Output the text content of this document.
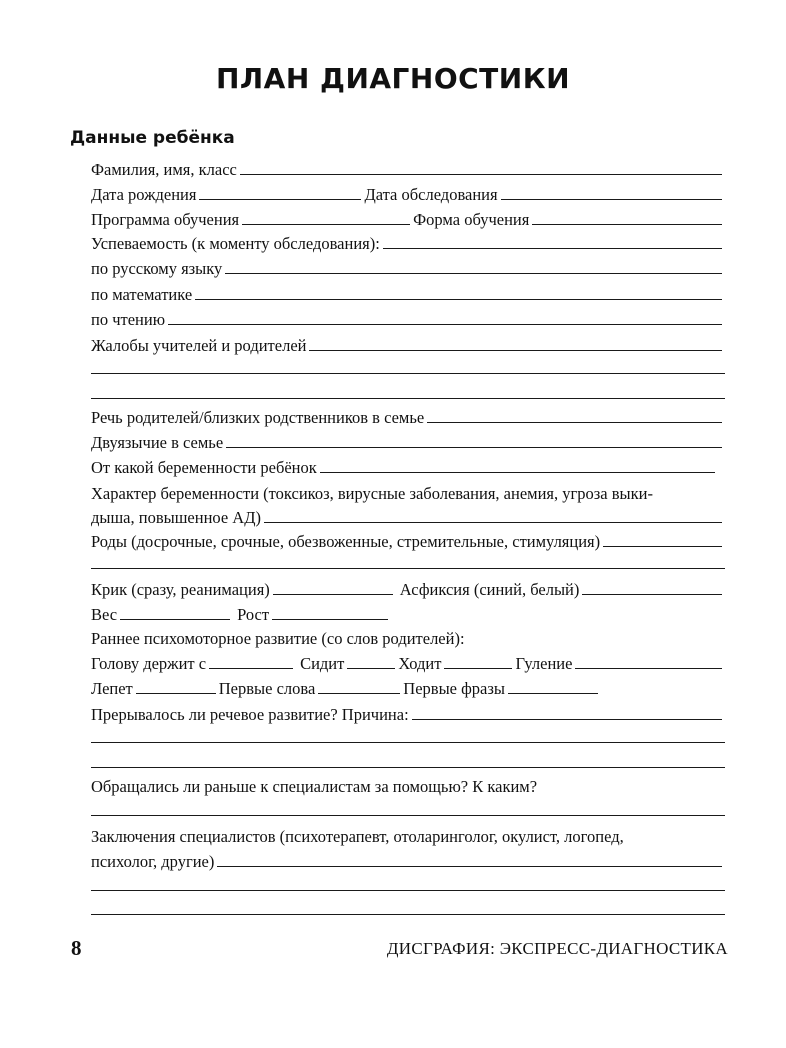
ПЛАН ДИАГНОСТИКИ
Данные ребёнка
Фамилия, имя, класс
Дата рождения	Дата обследования
Программа обучения	Форма обучения
Успеваемость (к моменту обследования):
по русскому языку
по математике
по чтению
Жалобы учителей и родителей
Речь родителей/близких родственников в семье
Двуязычие в семье
От какой беременности ребёнок
Характер беременности (токсикоз, вирусные заболевания, анемия, угроза выки-
дыша, повышенное АД)
Роды (досрочные, срочные, обезвоженные, стремительные, стимуляция)
Крик (сразу, реанимация)	Асфиксия (синий, белый)
Вес	Рост
Раннее психомоторное развитие (со слов родителей):
Голову держит с	Сидит	Ходит	Гуление
Лепет	Первые слова	Первые фразы
Прерывалось ли речевое развитие? Причина:
Обращались ли раньше к специалистам за помощью? К каким?
Заключения специалистов (психотерапевт, отоларинголог, окулист, логопед,
психолог, другие)
8	ДИСГРАФИЯ: ЭКСПРЕСС-ДИАГНОСТИКА
